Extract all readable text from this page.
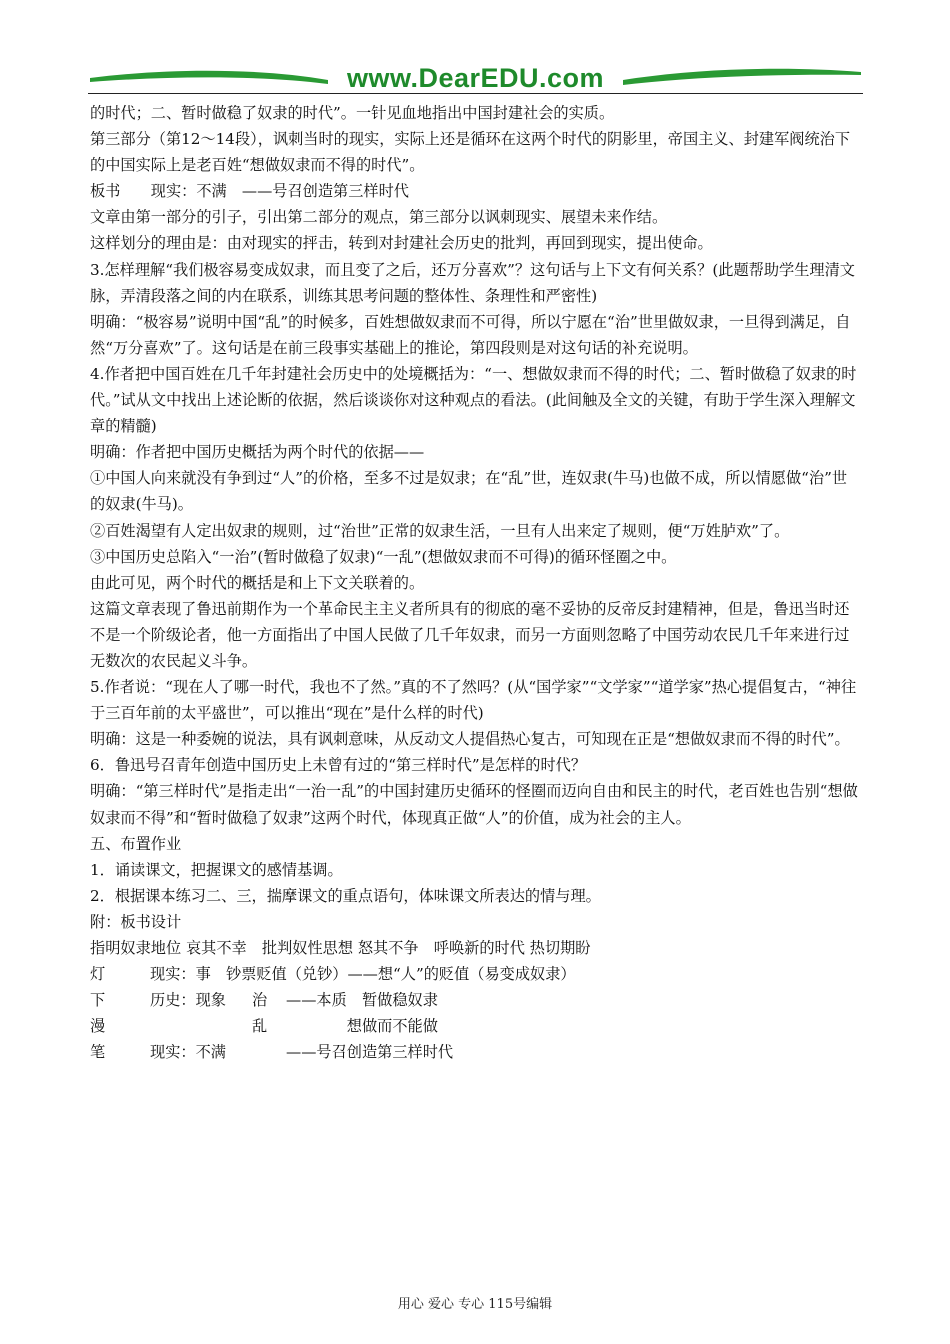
www.DearEDU.com

的时代；二、暂时做稳了奴隶的时代”。一针见血地指出中国封建社会的实质。

第三部分（第12～14段），讽刺当时的现实，实际上还是循环在这两个时代的阴影里，帝国主义、封建军阀统治下的中国实际上是老百姓“想做奴隶而不得的时代”。

板书　　现实：不满　——号召创造第三样时代

文章由第一部分的引子，引出第二部分的观点，第三部分以讽刺现实、展望未来作结。

这样划分的理由是：由对现实的抨击，转到对封建社会历史的批判，再回到现实，提出使命。

3.怎样理解“我们极容易变成奴隶，而且变了之后，还万分喜欢”？这句话与上下文有何关系？(此题帮助学生理清文脉，弄清段落之间的内在联系，训练其思考问题的整体性、条理性和严密性)

明确：“极容易”说明中国“乱”的时候多，百姓想做奴隶而不可得，所以宁愿在“治”世里做奴隶，一旦得到满足，自然“万分喜欢”了。这句话是在前三段事实基础上的推论，第四段则是对这句话的补充说明。

4.作者把中国百姓在几千年封建社会历史中的处境概括为：“一、想做奴隶而不得的时代；二、暂时做稳了奴隶的时代。”试从文中找出上述论断的依据，然后谈谈你对这种观点的看法。(此间触及全文的关键，有助于学生深入理解文章的精髓)

明确：作者把中国历史概括为两个时代的依据——

①中国人向来就没有争到过“人”的价格，至多不过是奴隶；在“乱”世，连奴隶(牛马)也做不成，所以情愿做“治”世的奴隶(牛马)。

②百姓渴望有人定出奴隶的规则，过“治世”正常的奴隶生活，一旦有人出来定了规则，便“万姓胪欢”了。

③中国历史总陷入“一治”(暂时做稳了奴隶)“一乱”(想做奴隶而不可得)的循环怪圈之中。

由此可见，两个时代的概括是和上下文关联着的。

这篇文章表现了鲁迅前期作为一个革命民主主义者所具有的彻底的毫不妥协的反帝反封建精神，但是，鲁迅当时还不是一个阶级论者，他一方面指出了中国人民做了几千年奴隶，而另一方面则忽略了中国劳动农民几千年来进行过无数次的农民起义斗争。

5.作者说：“现在人了哪一时代，我也不了然。”真的不了然吗？(从“国学家”“文学家”“道学家”热心提倡复古，“神往于三百年前的太平盛世”，可以推出“现在”是什么样的时代)

明确：这是一种委婉的说法，具有讽刺意味，从反动文人提倡热心复古，可知现在正是“想做奴隶而不得的时代”。

6．鲁迅号召青年创造中国历史上未曾有过的“第三样时代”是怎样的时代？

明确：“第三样时代”是指走出“一治一乱”的中国封建历史循环的怪圈而迈向自由和民主的时代，老百姓也告别“想做奴隶而不得”和“暂时做稳了奴隶”这两个时代，体现真正做“人”的价值，成为社会的主人。

五、布置作业

1．诵读课文，把握课文的感情基调。

2．根据课本练习二、三，揣摩课文的重点语句，体味课文所表达的情与理。

附：板书设计

指明奴隶地位 哀其不幸　批判奴性思想 怒其不争　呼唤新的时代 热切期盼

灯	现实：事　钞票贬值（兑钞）——想“人”的贬值（易变成奴隶）
下	历史：现象 治 ——本质　暂做稳奴隶
漫	乱 　　　　想做而不能做
笔	现实：不满	——号召创造第三样时代
用心 爱心 专心 115号编辑
